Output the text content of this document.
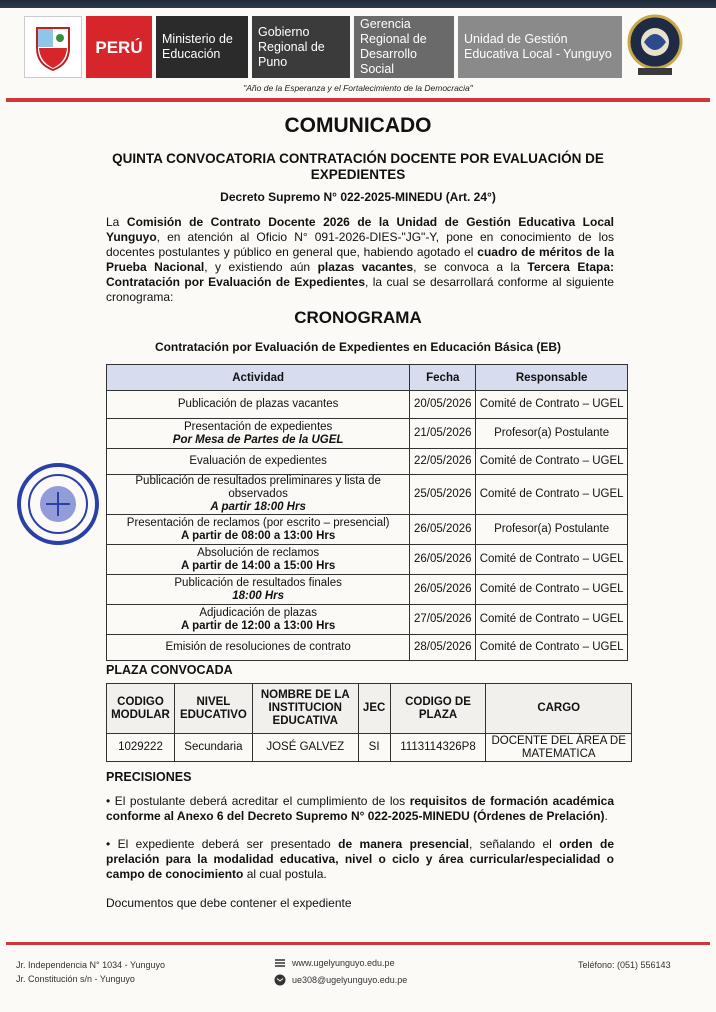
PERÚ	Ministerio de Educación
Gobierno Regional de Puno
Gerencia Regional de Desarrollo Social
Unidad de Gestión Educativa Local - Yunguyo
"Año de la Esperanza y el Fortalecimiento de la Democracia"
COMUNICADO
QUINTA CONVOCATORIA CONTRATACIÓN DOCENTE POR EVALUACIÓN DE EXPEDIENTES
Decreto Supremo N° 022-2025-MINEDU (Art. 24°)

La Comisión de Contrato Docente 2026 de la Unidad de Gestión Educativa Local Yunguyo, en atención al Oficio N° 091-2026-DIES-"JG"-Y, pone en conocimiento de los docentes postulantes y público en general que, habiendo agotado el cuadro de méritos de la Prueba Nacional, y existiendo aún plazas vacantes, se convoca a la Tercera Etapa: Contratación por Evaluación de Expedientes, la cual se desarrollará conforme al siguiente cronograma:

CRONOGRAMA
Contratación por Evaluación de Expedientes en Educación Básica (EB)
Actividad	Fecha	Responsable

Publicación de plazas vacantes	20/05/2026	Comité de Contrato – UGEL

Presentación de expedientes
Por Mesa de Partes de la UGEL	21/05/2026	Profesor(a) Postulante

Evaluación de expedientes	22/05/2026	Comité de Contrato – UGEL

Publicación de resultados preliminares y lista de observados
A partir 18:00 Hrs	25/05/2026	Comité de Contrato – UGEL

Presentación de reclamos (por escrito – presencial)
A partir de 08:00 a 13:00 Hrs	26/05/2026	Profesor(a) Postulante

Absolución de reclamos
A partir de 14:00 a 15:00 Hrs	26/05/2026	Comité de Contrato – UGEL

Publicación de resultados finales
18:00 Hrs	26/05/2026	Comité de Contrato – UGEL

Adjudicación de plazas
A partir de 12:00 a 13:00 Hrs	27/05/2026	Comité de Contrato – UGEL

Emisión de resoluciones de contrato	28/05/2026	Comité de Contrato – UGEL
PLAZA CONVOCADA
CODIGO MODULAR	NIVEL EDUCATIVO	NOMBRE DE LA INSTITUCION EDUCATIVA	JEC	CODIGO DE PLAZA	CARGO
1029222	Secundaria	JOSÉ GALVEZ	SI	1113114326P8	DOCENTE DEL ÁREA DE MATEMATICA
PRECISIONES

• El postulante deberá acreditar el cumplimiento de los requisitos de formación académica conforme al Anexo 6 del Decreto Supremo N° 022-2025-MINEDU (Órdenes de Prelación).

• El expediente deberá ser presentado de manera presencial, señalando el orden de prelación para la modalidad educativa, nivel o ciclo y área curricular/especialidad o campo de conocimiento al cual postula.

Documentos que debe contener el expediente
Jr. Independencia N° 1034 - Yunguyo
Jr. Constitución s/n - Yunguyo
www.ugelyunguyo.edu.pe
ue308@ugelyunguyo.edu.pe
Teléfono: (051) 556143
